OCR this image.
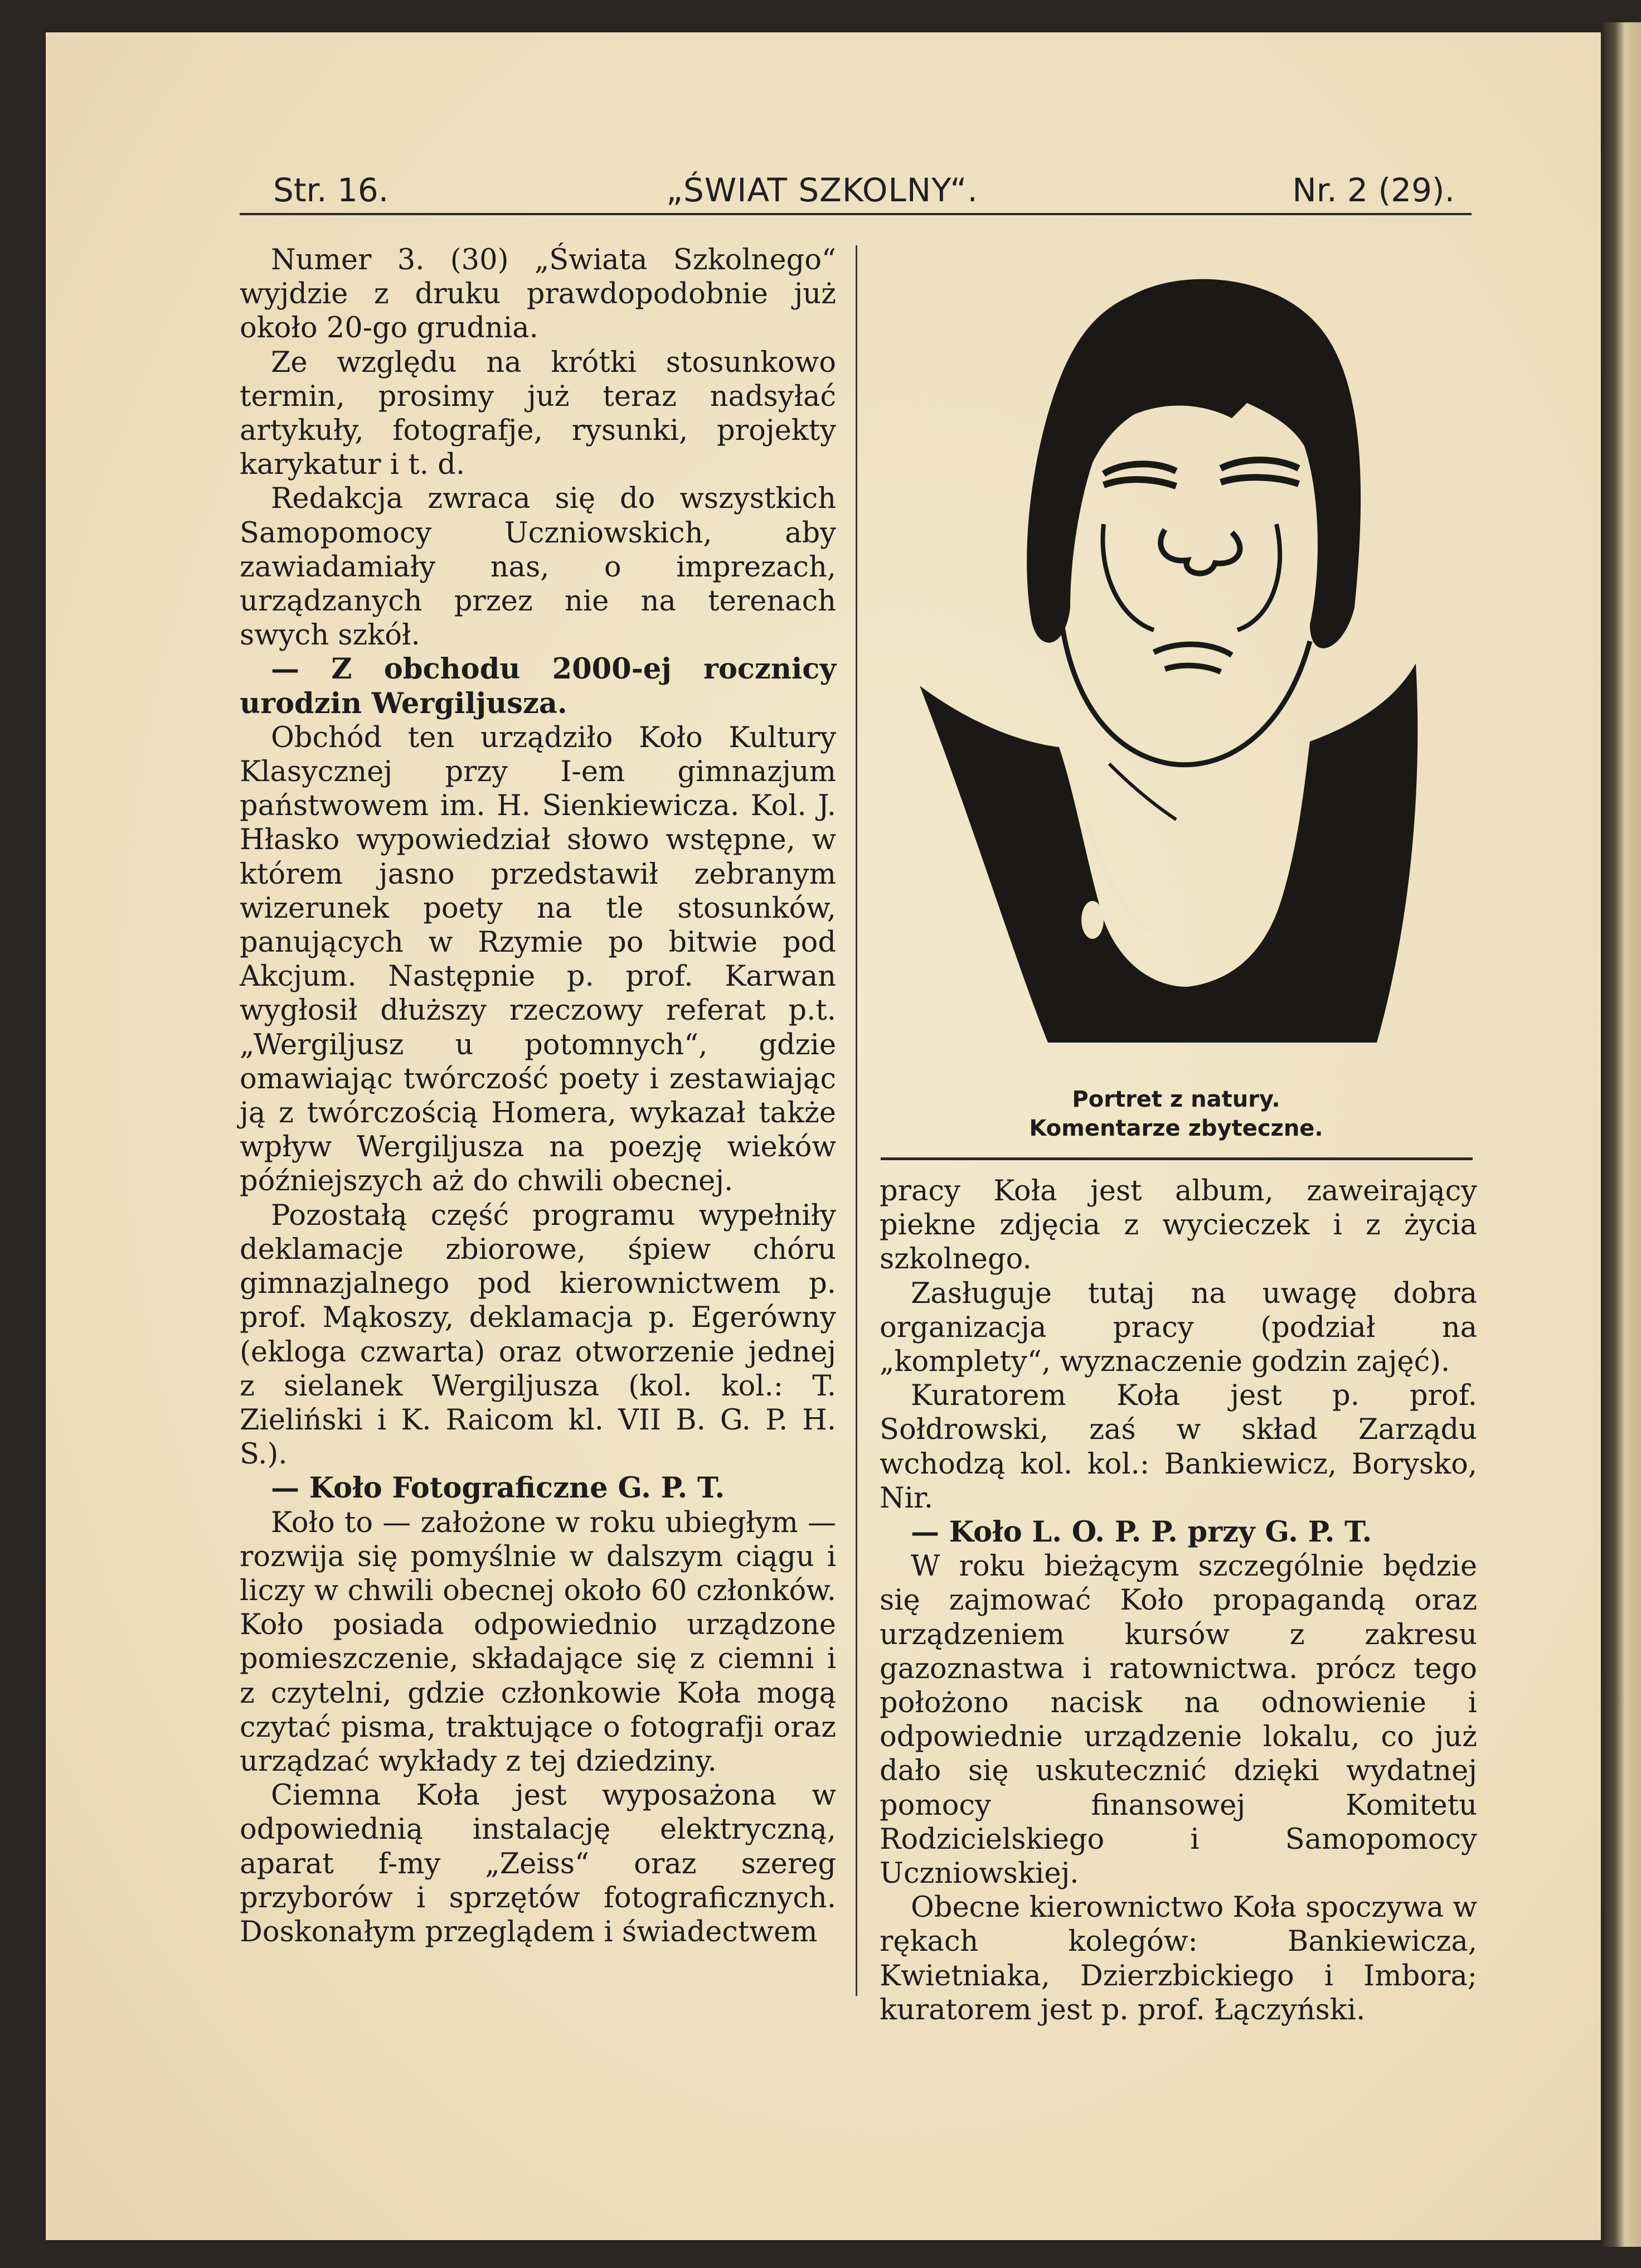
Str. 16.	„ŚWIAT SZKOLNY“.	Nr. 2 (29).

Numer 3. (30) „Świata Szkolnego“ wyjdzie z druku prawdopodobnie już około 20-go grudnia.

Ze względu na krótki stosunkowo termin, prosimy już teraz nadsyłać artykuły, fotografje, rysunki, projekty karykatur i t. d.

Redakcja zwraca się do wszystkich Samopomocy Uczniowskich, aby zawiadamiały nas, o imprezach, urządzanych przez nie na terenach swych szkół.

— Z obchodu 2000-ej rocznicy urodzin Wergiljusza.

Obchód ten urządziło Koło Kultury Klasycznej przy I-em gimnazjum państwowem im. H. Sienkiewicza. Kol. J. Hłasko wypowiedział słowo wstępne, w którem jasno przedstawił zebranym wizerunek poety na tle stosunków, panujących w Rzymie po bitwie pod Akcjum. Następnie p. prof. Karwan wygłosił dłuższy rzeczowy referat p.t. „Wergiljusz u potomnych“, gdzie omawiając twórczość poety i zestawiając ją z twórczością Homera, wykazał także wpływ Wergiljusza na poezję wieków późniejszych aż do chwili obecnej.

Pozostałą część programu wypełniły deklamacje zbiorowe, śpiew chóru gimnazjalnego pod kierownictwem p. prof. Mąkoszy, deklamacja p. Egerówny (ekloga czwarta) oraz otworzenie jednej z sielanek Wergiljusza (kol. kol.: T. Zieliński i K. Raicom kl. VII B. G. P. H. S.).

— Koło Fotograficzne G. P. T.

Koło to — założone w roku ubiegłym — rozwija się pomyślnie w dalszym ciągu i liczy w chwili obecnej około 60 członków. Koło posiada odpowiednio urządzone pomieszczenie, składające się z ciemni i z czytelni, gdzie członkowie Koła mogą czytać pisma, traktujące o fotografji oraz urządzać wykłady z tej dziedziny.

Ciemna Koła jest wyposażona w odpowiednią instalację elektryczną, aparat f-my „Zeiss“ oraz szereg przyborów i sprzętów fotograficznych. Doskonałym przeglądem i świadectwem

Portret z natury.
Komentarze zbyteczne.

pracy Koła jest album, zaweirający piekne zdjęcia z wycieczek i z życia szkolnego.

Zasługuje tutaj na uwagę dobra organizacja pracy (podział na „komplety“, wyznaczenie godzin zajęć).

Kuratorem Koła jest p. prof. Sołdrowski, zaś w skład Zarządu wchodzą kol. kol.: Bankiewicz, Borysko, Nir.

— Koło L. O. P. P. przy G. P. T.

W roku bieżącym szczególnie będzie się zajmować Koło propagandą oraz urządzeniem kursów z zakresu gazoznastwa i ratownictwa. prócz tego położono nacisk na odnowienie i odpowiednie urządzenie lokalu, co już dało się uskutecznić dzięki wydatnej pomocy finansowej Komitetu Rodzicielskiego i Samopomocy Uczniowskiej.

Obecne kierownictwo Koła spoczywa w rękach kolegów: Bankiewicza, Kwietniaka, Dzierzbickiego i Imbora; kuratorem jest p. prof. Łączyński.
